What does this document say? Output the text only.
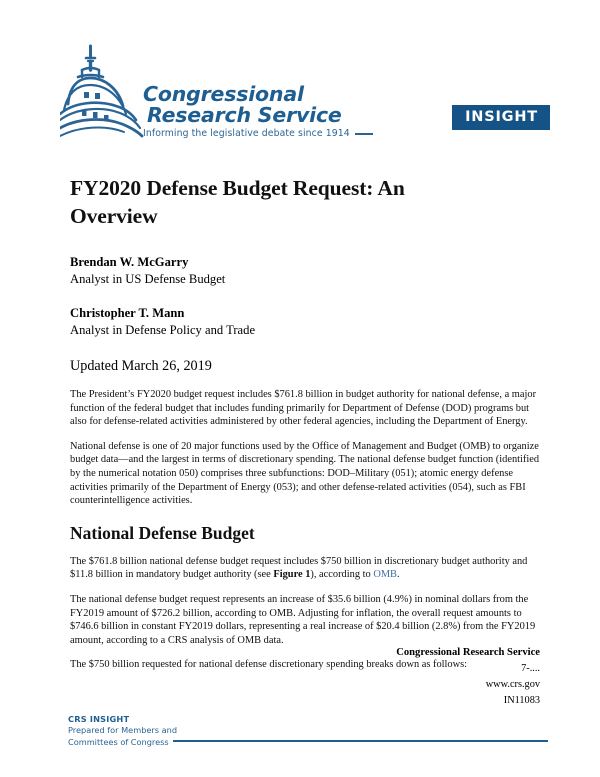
Congressional
Research Service
Informing the legislative debate since 1914
INSIGHT
FY2020 Defense Budget Request: An Overview

Brendan W. McGarry

Analyst in US Defense Budget

Christopher T. Mann

Analyst in Defense Policy and Trade

Updated March 26, 2019

The President’s FY2020 budget request includes $761.8 billion in budget authority for national defense, a major function of the federal budget that includes funding primarily for Department of Defense (DOD) programs but also for defense-related activities administered by other federal agencies, including the Department of Energy.

National defense is one of 20 major functions used by the Office of Management and Budget (OMB) to organize budget data—and the largest in terms of discretionary spending. The national defense budget function (identified by the numerical notation 050) comprises three subfunctions: DOD–Military (051); atomic energy defense activities primarily of the Department of Energy (053); and other defense-related activities (054), such as FBI counterintelligence activities.

National Defense Budget

The $761.8 billion national defense budget request includes $750 billion in discretionary budget authority and $11.8 billion in mandatory budget authority (see Figure 1), according to OMB.

The national defense budget request represents an increase of $35.6 billion (4.9%) in nominal dollars from the FY2019 amount of $726.2 billion, according to OMB. Adjusting for inflation, the overall request amounts to $746.6 billion in constant FY2019 dollars, representing a real increase of $20.4 billion (2.8%) from the FY2019 amount, according to a CRS analysis of OMB data.

The $750 billion requested for national defense discretionary spending breaks down as follows:

Congressional Research Service
7-....
www.crs.gov
IN11083
CRS INSIGHT
Prepared for Members and
Committees of Congress
